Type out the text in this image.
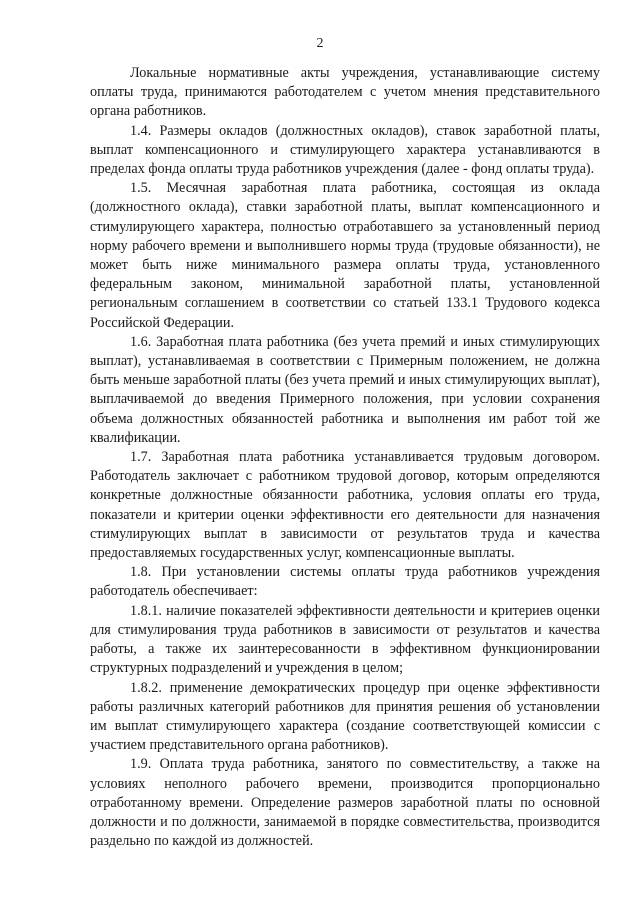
2

Локальные нормативные акты учреждения, устанавливающие систему оплаты труда, принимаются работодателем с учетом мнения представительного органа работников.

1.4. Размеры окладов (должностных окладов), ставок заработной платы, выплат компенсационного и стимулирующего характера устанавливаются в пределах фонда оплаты труда работников учреждения (далее - фонд оплаты труда).

1.5. Месячная заработная плата работника, состоящая из оклада (должностного оклада), ставки заработной платы, выплат компенсационного и стимулирующего характера, полностью отработавшего за установленный период норму рабочего времени и выполнившего нормы труда (трудовые обязанности), не может быть ниже минимального размера оплаты труда, установленного федеральным законом, минимальной заработной платы, установленной региональным соглашением в соответствии со статьей 133.1 Трудового кодекса Российской Федерации.

1.6. Заработная плата работника (без учета премий и иных стимулирующих выплат), устанавливаемая в соответствии с Примерным положением, не должна быть меньше заработной платы (без учета премий и иных стимулирующих выплат), выплачиваемой до введения Примерного положения, при условии сохранения объема должностных обязанностей работника и выполнения им работ той же квалификации.

1.7. Заработная плата работника устанавливается трудовым договором. Работодатель заключает с работником трудовой договор, которым определяются конкретные должностные обязанности работника, условия оплаты его труда, показатели и критерии оценки эффективности его деятельности для назначения стимулирующих выплат в зависимости от результатов труда и качества предоставляемых государственных услуг, компенсационные выплаты.

1.8. При установлении системы оплаты труда работников учреждения работодатель обеспечивает:

1.8.1. наличие показателей эффективности деятельности и критериев оценки для стимулирования труда работников в зависимости от результатов и качества работы, а также их заинтересованности в эффективном функционировании структурных подразделений и учреждения в целом;

1.8.2. применение демократических процедур при оценке эффективности работы различных категорий работников для принятия решения об установлении им выплат стимулирующего характера (создание соответствующей комиссии с участием представительного органа работников).

1.9. Оплата труда работника, занятого по совместительству, а также на условиях неполного рабочего времени, производится пропорционально отработанному времени. Определение размеров заработной платы по основной должности и по должности, занимаемой в порядке совместительства, производится раздельно по каждой из должностей.
